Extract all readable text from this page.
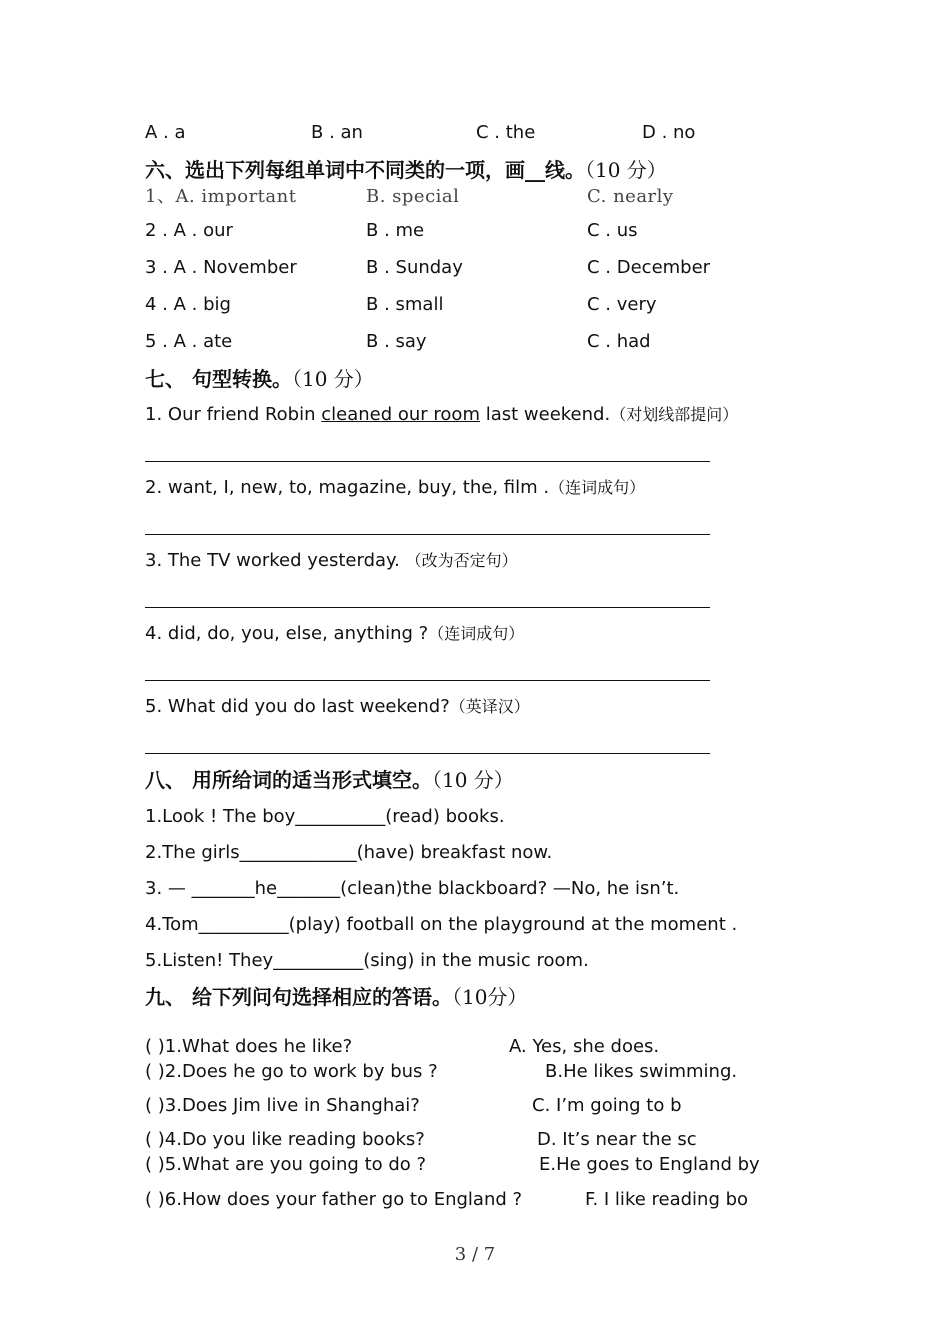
A . a	B . an	C . the	D . no
六、选出下列每组单词中不同类的一项，画__线。（10 分）
1、A. important	B. special	C. nearly
2 . A . our	B . me	C . us
3 . A . November	B . Sunday	C . December
4 . A . big	B . small	C . very
5 . A . ate	B . say	C . had
七、 句型转换。（10 分）
1. Our friend Robin cleaned our room last weekend.（对划线部提问）
2. want, I, new, to, magazine, buy, the, film .（连词成句）
3. The TV worked yesterday. （改为否定句）
4. did, do, you, else, anything ?（连词成句）
5. What did you do last weekend?（英译汉）
八、 用所给词的适当形式填空。（10 分）
1.Look ! The boy__________(read) books.
2.The girls_____________(have) breakfast now.
3. — _______he_______(clean)the blackboard? —No, he isn’t.
4.Tom__________(play) football on the playground at the moment .
5.Listen! They__________(sing) in the music room.
九、 给下列问句选择相应的答语。（10分）
( )1.What does he like?	A. Yes, she does.
( )2.Does he go to work by bus ?	B.He likes swimming.
( )3.Does Jim live in Shanghai?	C. I’m going to b
( )4.Do you like reading books?	D. It’s near the sc
( )5.What are you going to do ?	E.He goes to England by
( )6.How does your father go to England ?	F. I like reading bo
3 / 7
